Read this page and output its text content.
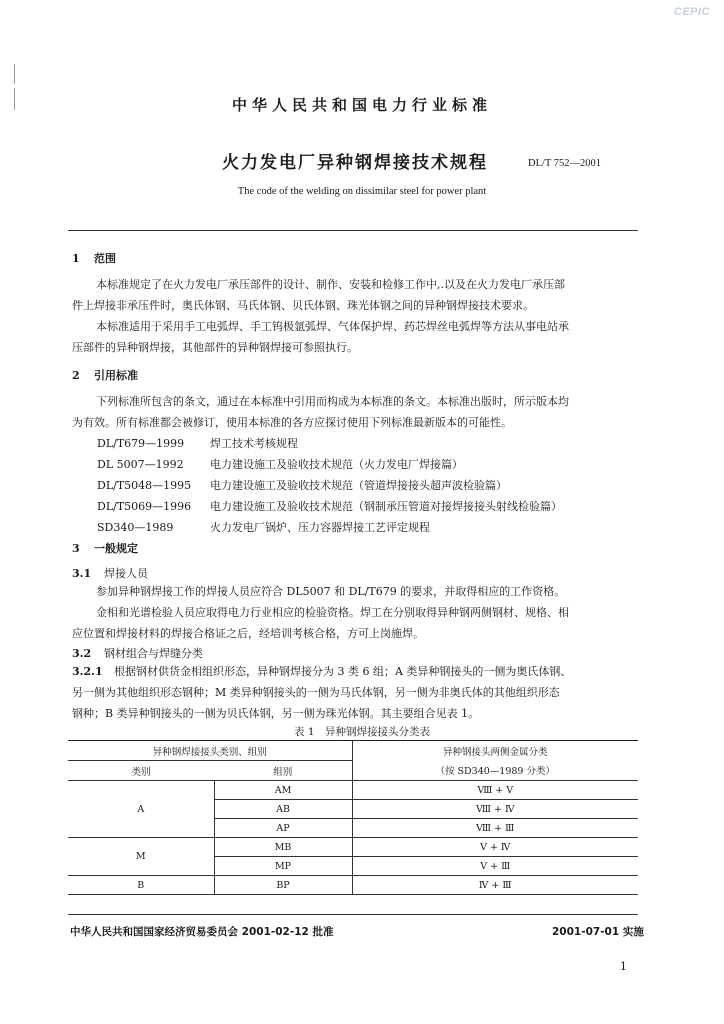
CEPIC
中华人民共和国电力行业标准
火力发电厂异种钢焊接技术规程	DL/T 752—2001
The code of the welding on dissimilar steel for power plant
1 范围
本标准规定了在火力发电厂承压部件的设计、制作、安装和检修工作中,.以及在火力发电厂承压部
件上焊接非承压件时，奥氏体钢、马氏体钢、贝氏体钢、珠光体钢之间的异种钢焊接技术要求。
本标准适用于采用手工电弧焊、手工钨极氩弧焊、气体保护焊、药芯焊丝电弧焊等方法从事电站承
压部件的异种钢焊接，其他部件的异种钢焊接可参照执行。
2 引用标准
下列标准所包含的条文，通过在本标准中引用而构成为本标准的条文。本标准出版时，所示版本均
为有效。所有标准都会被修订，使用本标准的各方应探讨使用下列标准最新版本的可能性。
DL/T679—1999 焊工技术考核规程
DL 5007—1992 电力建设施工及验收技术规范（火力发电厂焊接篇）
DL/T5048—1995 电力建设施工及验收技术规范（管道焊接接头超声波检验篇）
DL/T5069—1996 电力建设施工及验收技术规范（钢制承压管道对接焊接接头射线检验篇）
SD340—1989	火力发电厂锅炉、压力容器焊接工艺评定规程
3 一般规定
3.1 焊接人员
参加异种钢焊接工作的焊接人员应符合 DL5007 和 DL/T679 的要求，并取得相应的工作资格。
金相和光谱检验人员应取得电力行业相应的检验资格。焊工在分别取得异种钢两侧钢材、规格、相
应位置和焊接材料的焊接合格证之后，经培训考核合格，方可上岗施焊。
3.2 钢材组合与焊缝分类
3.2.1 根据钢材供货金相组织形态，异种钢焊接分为 3 类 6 组；A 类异种钢接头的一侧为奥氏体钢、
另一侧为其他组织形态钢种；M 类异种钢接头的一侧为马氏体钢，另一侧为非奥氏体的其他组织形态
钢种；B 类异种钢接头的一侧为贝氏体钢，另一侧为珠光体钢。其主要组合见表 1。
表 1　异种钢焊接接头分类表
异种钢焊接接头类别、组别		异种钢接头两侧金属分类
类别	组别	（按 SD340—1989 分类）
A	AM	Ⅷ + Ⅴ
	AB	Ⅷ + Ⅳ
	AP	Ⅷ + Ⅲ
M	MB	Ⅴ + Ⅳ
	MP	Ⅴ + Ⅲ
B	BP	Ⅳ + Ⅲ
中华人民共和国国家经济贸易委员会 2001-02-12 批准	2001-07-01 实施
1
